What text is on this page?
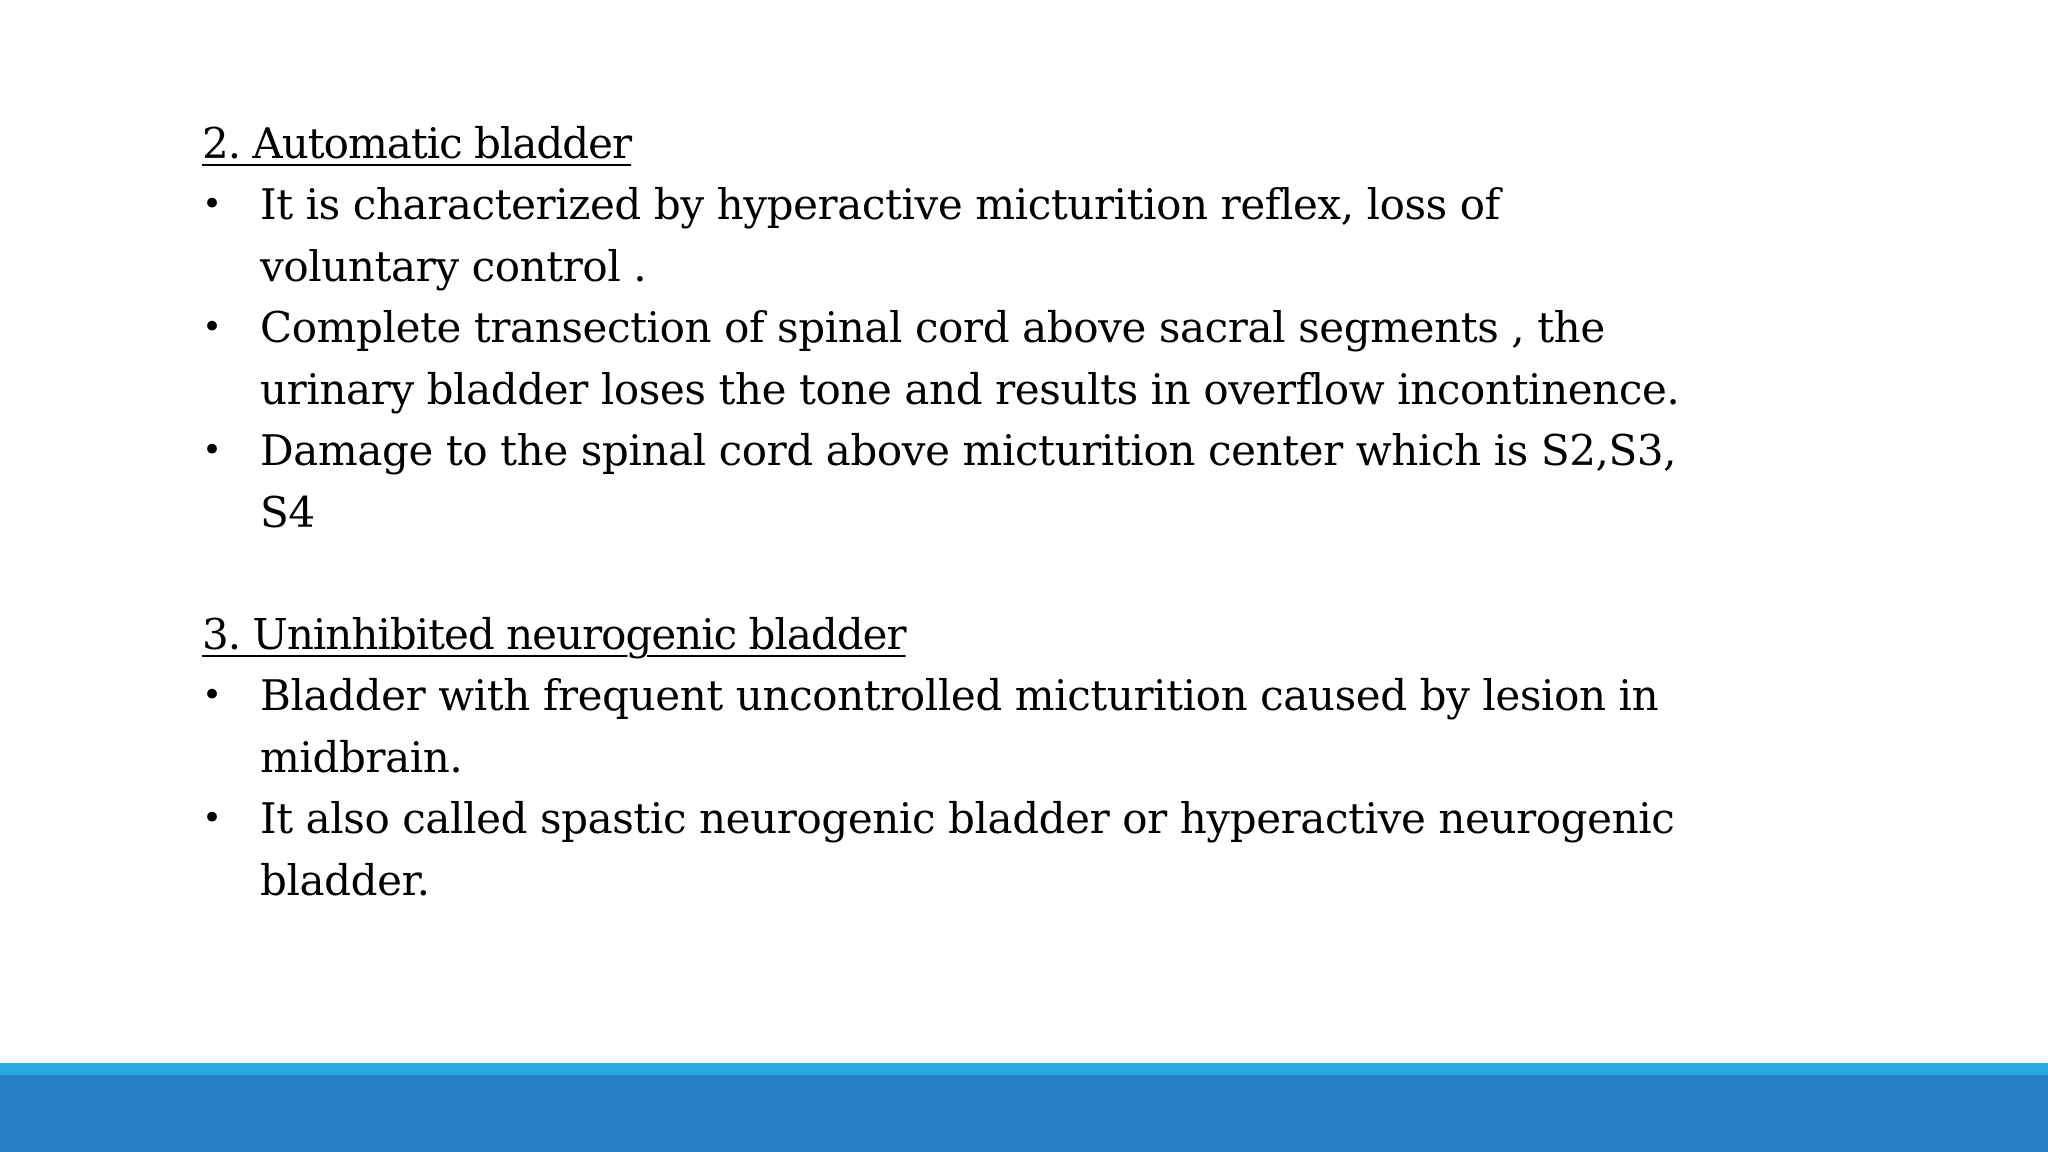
2. Automatic bladder
• It is characterized by hyperactive micturition reflex, loss of voluntary control .
• Complete transection of spinal cord above sacral segments , the urinary bladder loses the tone and results in overflow incontinence.
• Damage to the spinal cord above micturition center which is S2,S3, S4
3. Uninhibited neurogenic bladder
• Bladder with frequent uncontrolled micturition caused by lesion in midbrain.
• It also called spastic neurogenic bladder or hyperactive neurogenic bladder.
